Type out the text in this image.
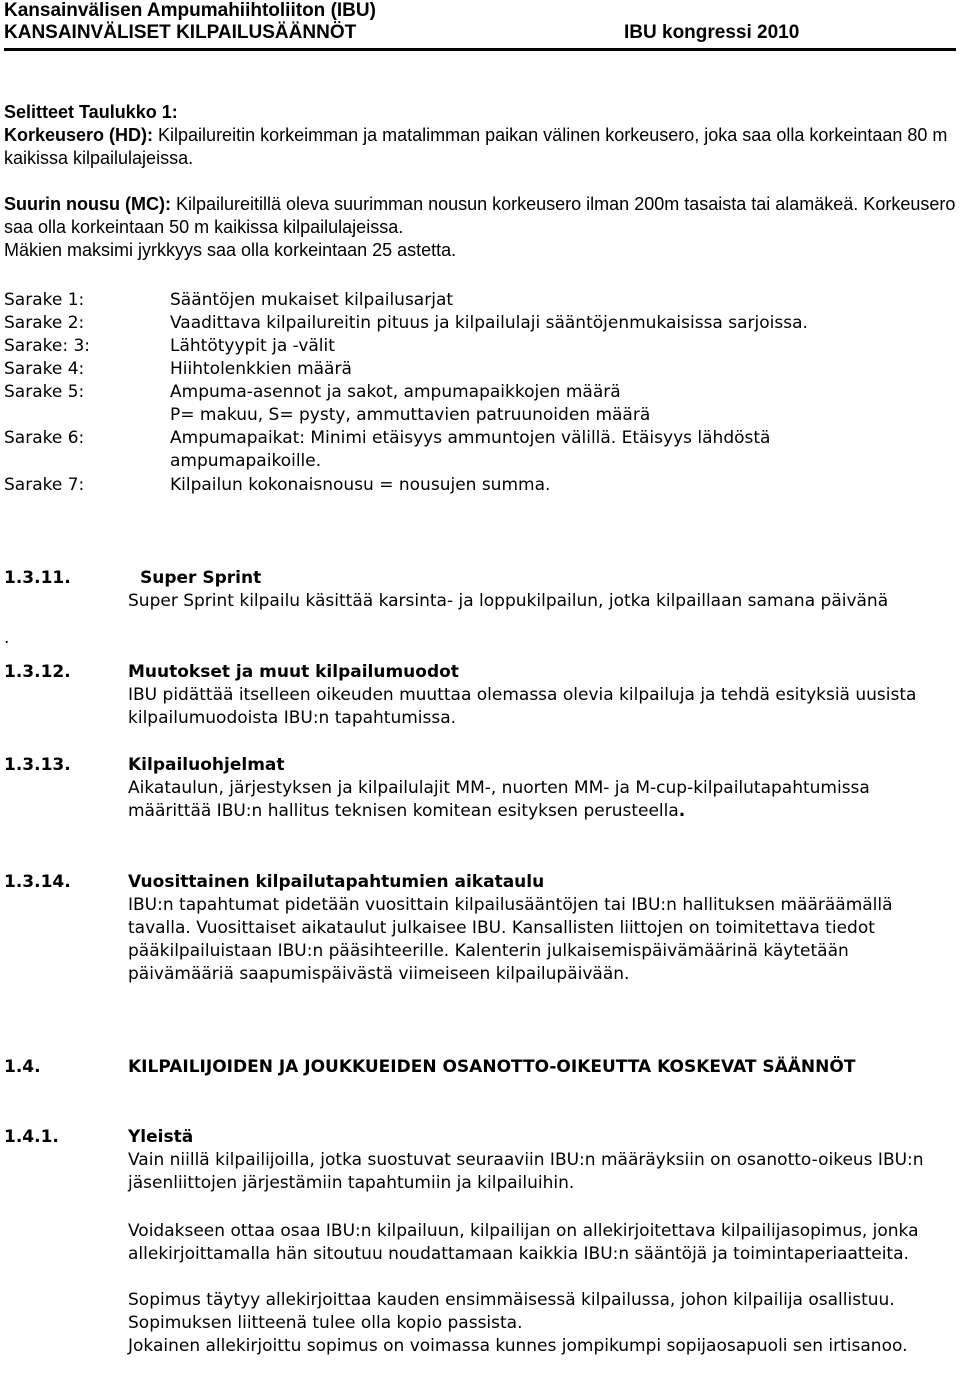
Kansainvälisen Ampumahiihtoliiton (IBU)
KANSAINVÄLISET KILPAILUSÄÄNNÖT	IBU kongressi 2010
Selitteet Taulukko 1:
Korkeusero (HD): Kilpailureitin korkeimman ja matalimman paikan välinen korkeusero, joka saa olla korkeintaan 80 m kaikissa kilpailulajeissa.
Suurin nousu (MC): Kilpailureitillä oleva suurimman nousun korkeusero ilman 200m tasaista tai alamäkeä. Korkeusero saa olla korkeintaan 50 m kaikissa kilpailulajeissa.
Mäkien maksimi jyrkkyys saa olla korkeintaan 25 astetta.
Sarake 1:	Sääntöjen mukaiset kilpailusarjat
Sarake 2:	Vaadittava kilpailureitin pituus ja kilpailulaji sääntöjenmukaisissa sarjoissa.
Sarake: 3:	Lähtötyypit ja -välit
Sarake 4:	Hiihtolenkkien määrä
Sarake 5:	Ampuma-asennot ja sakot, ampumapaikkojen määrä
P= makuu, S= pysty, ammuttavien patruunoiden määrä
Sarake 6:	Ampumapaikat: Minimi etäisyys ammuntojen välillä. Etäisyys lähdöstä
ampumapaikoille.
Sarake 7:	Kilpailun kokonaisnousu = nousujen summa.
1.3.11.	Super Sprint
Super Sprint kilpailu käsittää karsinta- ja loppukilpailun, jotka kilpaillaan samana päivänä
.
1.3.12.	Muutokset ja muut kilpailumuodot
IBU pidättää itselleen oikeuden muuttaa olemassa olevia kilpailuja ja tehdä esityksiä uusista kilpailumuodoista IBU:n tapahtumissa.
1.3.13.	Kilpailuohjelmat
Aikataulun, järjestyksen ja kilpailulajit MM-, nuorten MM- ja M-cup-kilpailutapahtumissa määrittää IBU:n hallitus teknisen komitean esityksen perusteella.
1.3.14.	Vuosittainen kilpailutapahtumien aikataulu
IBU:n tapahtumat pidetään vuosittain kilpailusääntöjen tai IBU:n hallituksen määräämällä tavalla. Vuosittaiset aikataulut julkaisee IBU. Kansallisten liittojen on toimitettava tiedot pääkilpailuistaan IBU:n pääsihteerille. Kalenterin julkaisemispäivämäärinä käytetään päivämääriä saapumispäivästä viimeiseen kilpailupäivään.
1.4.	KILPAILIJOIDEN JA JOUKKUEIDEN OSANOTTO-OIKEUTTA KOSKEVAT SÄÄNNÖT
1.4.1.	Yleistä
Vain niillä kilpailijoilla, jotka suostuvat seuraaviin IBU:n määräyksiin on osanotto-oikeus IBU:n jäsenliittojen järjestämiin tapahtumiin ja kilpailuihin.
Voidakseen ottaa osaa IBU:n kilpailuun, kilpailijan on allekirjoitettava kilpailijasopimus, jonka allekirjoittamalla hän sitoutuu noudattamaan kaikkia IBU:n sääntöjä ja toimintaperiaatteita.
Sopimus täytyy allekirjoittaa kauden ensimmäisessä kilpailussa, johon kilpailija osallistuu. Sopimuksen liitteenä tulee olla kopio passista.
Jokainen allekirjoittu sopimus on voimassa kunnes jompikumpi sopijaosapuoli sen irtisanoo.
